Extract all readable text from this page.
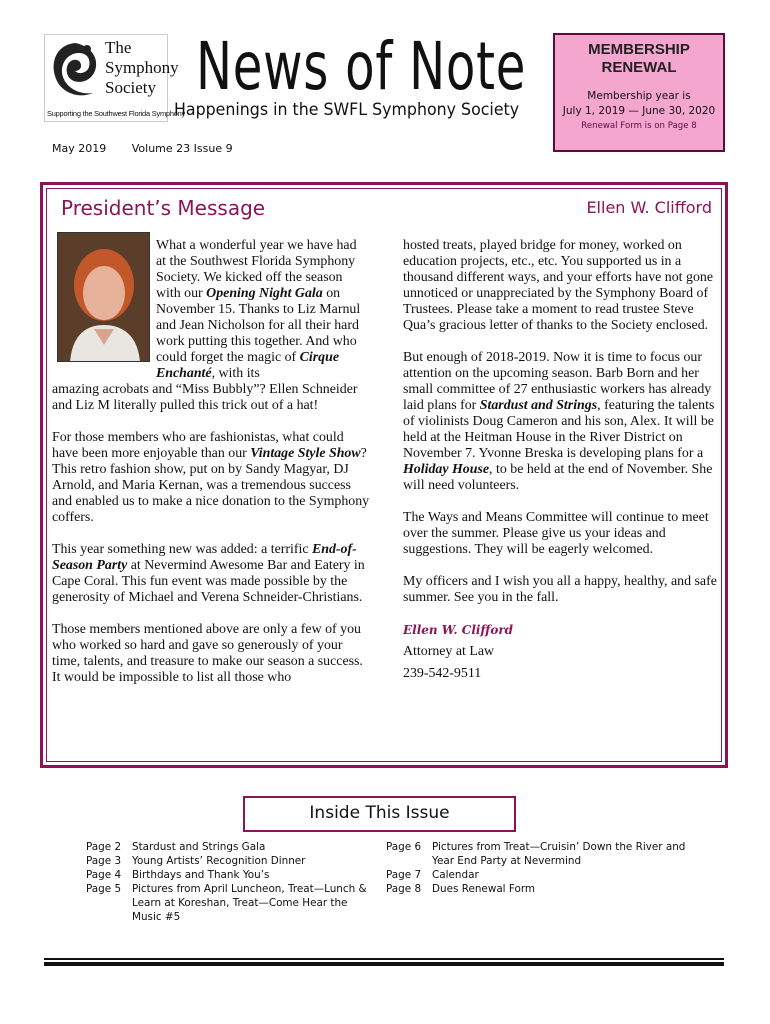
The
Symphony
Society
Supporting the Southwest Florida Symphony
News of Note
Happenings in the SWFL Symphony Society
May 2019 Volume 23 Issue 9
MEMBERSHIP
RENEWAL
Membership year is
July 1, 2019 — June 30, 2020
Renewal Form is on Page 8
President’s Message	Ellen W. Clifford

What a wonderful year we have had at the Southwest Florida Symphony Society. We kicked off the season with our Opening Night Gala on November 15. Thanks to Liz Marnul and Jean Nicholson for all their hard work putting this together. And who could forget the magic of Cirque Enchanté, with its

amazing acrobats and “Miss Bubbly”? Ellen Schneider and Liz M literally pulled this trick out of a hat!

For those members who are fashionistas, what could have been more enjoyable than our Vintage Style Show? This retro fashion show, put on by Sandy Magyar, DJ Arnold, and Maria Kernan, was a tremendous success and enabled us to make a nice donation to the Symphony coffers.

This year something new was added: a terrific End-of-Season Party at Nevermind Awesome Bar and Eatery in Cape Coral. This fun event was made possible by the generosity of Michael and Verena Schneider-Christians.

Those members mentioned above are only a few of you who worked so hard and gave so generously of your time, talents, and treasure to make our season a success. It would be impossible to list all those who

hosted treats, played bridge for money, worked on education projects, etc., etc. You supported us in a thousand different ways, and your efforts have not gone unnoticed or unappreciated by the Symphony Board of Trustees. Please take a moment to read trustee Steve Qua’s gracious letter of thanks to the Society enclosed.

But enough of 2018-2019. Now it is time to focus our attention on the upcoming season. Barb Born and her small committee of 27 enthusiastic workers has already laid plans for Stardust and Strings, featuring the talents of violinists Doug Cameron and his son, Alex. It will be held at the Heitman House in the River District on November 7. Yvonne Breska is developing plans for a Holiday House, to be held at the end of November. She will need volunteers.

The Ways and Means Committee will continue to meet over the summer. Please give us your ideas and suggestions. They will be eagerly welcomed.

My officers and I wish you all a happy, healthy, and safe summer. See you in the fall.

Ellen W. Clifford
Attorney at Law
239-542-9511
Inside This Issue
Page 2	Stardust and Strings Gala
Page 3	Young Artists’ Recognition Dinner
Page 4	Birthdays and Thank You’s
Page 5	Pictures from April Luncheon, Treat—Lunch & Learn at Koreshan, Treat—Come Hear the Music #5
Page 6	Pictures from Treat—Cruisin’ Down the River and Year End Party at Nevermind
Page 7	Calendar
Page 8	Dues Renewal Form
